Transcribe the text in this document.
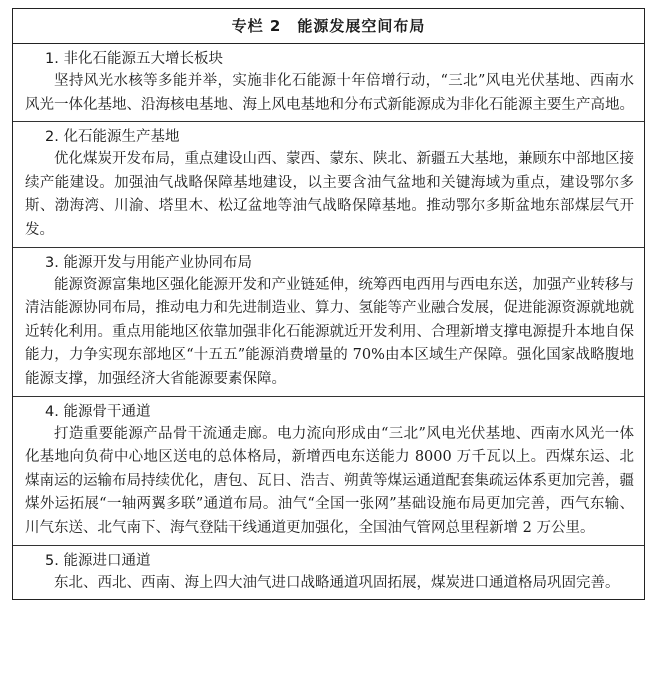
专栏 2　能源发展空间布局
1. 非化石能源五大增长板块

坚持风光水核等多能并举，实施非化石能源十年倍增行动，“三北”风电光伏基地、西南水风光一体化基地、沿海核电基地、海上风电基地和分布式新能源成为非化石能源主要生产高地。

2. 化石能源生产基地

优化煤炭开发布局，重点建设山西、蒙西、蒙东、陕北、新疆五大基地，兼顾东中部地区接续产能建设。加强油气战略保障基地建设，以主要含油气盆地和关键海域为重点，建设鄂尔多斯、渤海湾、川渝、塔里木、松辽盆地等油气战略保障基地。推动鄂尔多斯盆地东部煤层气开发。

3. 能源开发与用能产业协同布局

能源资源富集地区强化能源开发和产业链延伸，统筹西电西用与西电东送，加强产业转移与清洁能源协同布局，推动电力和先进制造业、算力、氢能等产业融合发展，促进能源资源就地就近转化利用。重点用能地区依靠加强非化石能源就近开发利用、合理新增支撑电源提升本地自保能力，力争实现东部地区“十五五”能源消费增量的 70%由本区域生产保障。强化国家战略腹地能源支撑，加强经济大省能源要素保障。

4. 能源骨干通道

打造重要能源产品骨干流通走廊。电力流向形成由“三北”风电光伏基地、西南水风光一体化基地向负荷中心地区送电的总体格局，新增西电东送能力 8000 万千瓦以上。西煤东运、北煤南运的运输布局持续优化，唐包、瓦日、浩吉、朔黄等煤运通道配套集疏运体系更加完善，疆煤外运拓展“一轴两翼多联”通道布局。油气“全国一张网”基础设施布局更加完善，西气东输、川气东送、北气南下、海气登陆干线通道更加强化，全国油气管网总里程新增 2 万公里。

5. 能源进口通道

东北、西北、西南、海上四大油气进口战略通道巩固拓展，煤炭进口通道格局巩固完善。
